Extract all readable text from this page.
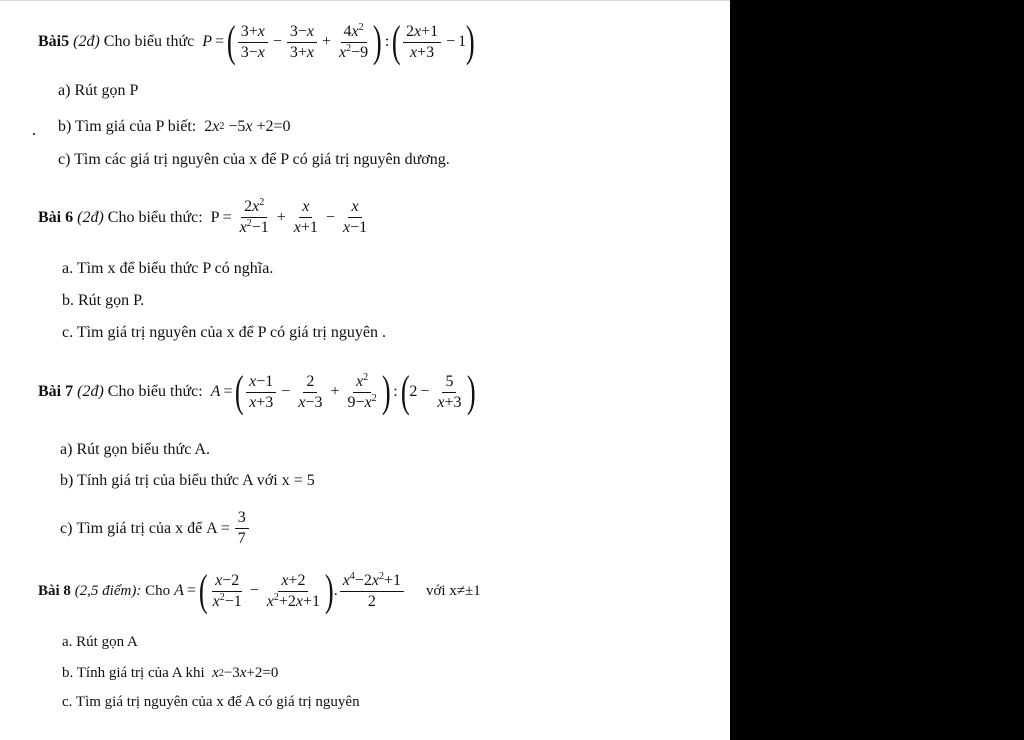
Bài5 (2đ) Cho biểu thức P = ( $\frac{3+x}{3-x} - \frac{3-x}{3+x} + \frac{4x^2}{x^2-9}$ ) : ( $\frac{2x+1}{x+3} - 1$ )
a) Rút gọn P
b) Tìm giá của P biết:  2 x 2 −5 x +2=0
c) Tìm các giá trị nguyên của x để P có giá trị nguyên dương.
Bài 6 (2đ) Cho biểu thức: $P = \frac{2x^2}{x^2-1} + \frac{x}{x+1} - \frac{x}{x-1}$
a. Tìm x để biểu thức P có nghĩa.
b. Rút gọn P.
c. Tìm giá trị nguyên của x để P có giá trị nguyên .
Bài 7 (2đ) Cho biểu thức: A = ( $\frac{x-1}{x+3} - \frac{2}{x-3} + \frac{x^2}{9-x^2}$ ) : ( $2 - \frac{5}{x+3}$ )
a) Rút gọn biểu thức A.
b) Tính giá trị của biểu thức A với x = 5
c)
Tìm giá trị của x để $A = \frac{3}{7}$
Bài 8 (2,5 điểm): Cho A = ( $\frac{x-2}{x^2-1} - \frac{x+2}{x^2+2x+1}$ ) . $\frac{x^4-2x^2+1}{2}$ với x≠±1
a. Rút gọn A
b. Tính giá trị của A khi x 2 −3 x +2=0
c. Tìm giá trị nguyên của x để A có giá trị nguyên
